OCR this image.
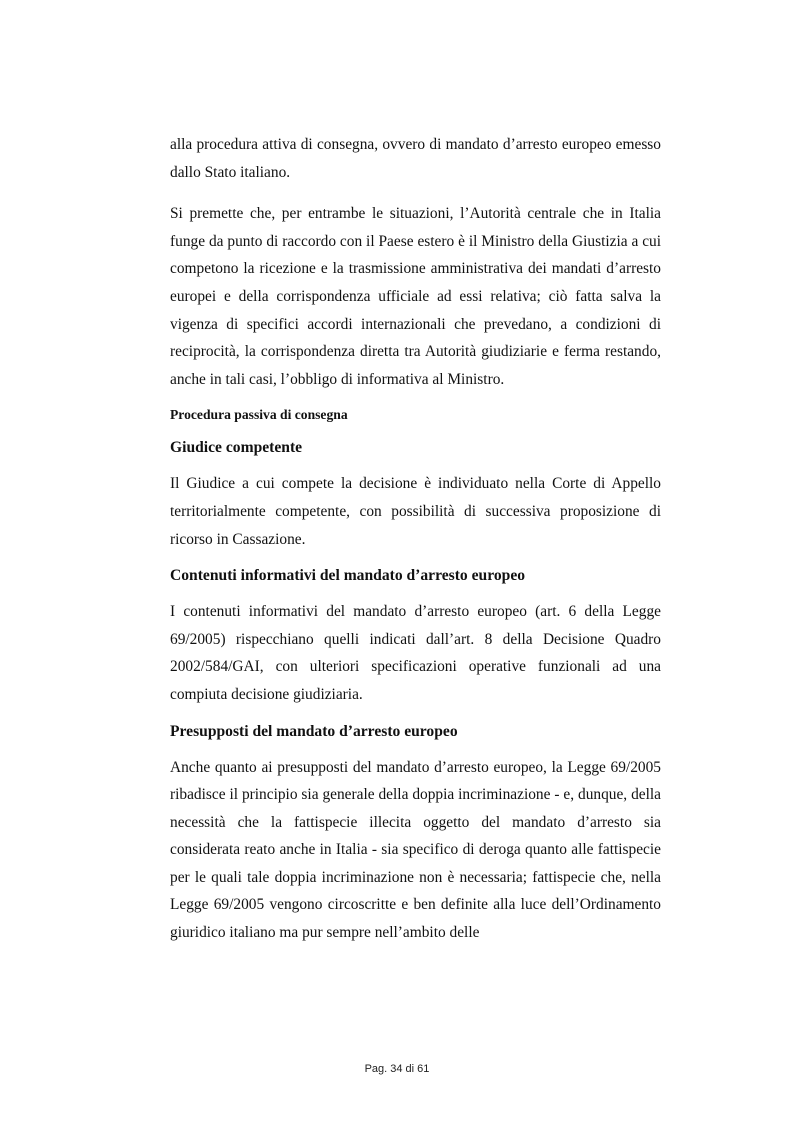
alla procedura attiva di consegna, ovvero di mandato d’arresto europeo emesso dallo Stato italiano.

Si premette che, per entrambe le situazioni, l’Autorità centrale che in Italia funge da punto di raccordo con il Paese estero è il Ministro della Giustizia a cui competono la ricezione e la trasmissione amministrativa dei mandati d’arresto europei e della corrispondenza ufficiale ad essi relativa; ciò fatta salva la vigenza di specifici accordi internazionali che prevedano, a condizioni di reciprocità, la corrispondenza diretta tra Autorità giudiziarie e ferma restando, anche in tali casi, l’obbligo di informativa al Ministro.

Procedura passiva di consegna

Giudice competente

Il Giudice a cui compete la decisione è individuato nella Corte di Appello territorialmente competente, con possibilità di successiva proposizione di ricorso in Cassazione.

Contenuti informativi del mandato d’arresto europeo

I contenuti informativi del mandato d’arresto europeo (art. 6 della Legge 69/2005) rispecchiano quelli indicati dall’art. 8 della Decisione Quadro 2002/584/GAI, con ulteriori specificazioni operative funzionali ad una compiuta decisione giudiziaria.

Presupposti del mandato d’arresto europeo

Anche quanto ai presupposti del mandato d’arresto europeo, la Legge 69/2005 ribadisce il principio sia generale della doppia incriminazione - e, dunque, della necessità che la fattispecie illecita oggetto del mandato d’arresto sia considerata reato anche in Italia - sia specifico di deroga quanto alle fattispecie per le quali tale doppia incriminazione non è necessaria; fattispecie che, nella Legge 69/2005 vengono circoscritte e ben definite alla luce dell’Ordinamento giuridico italiano ma pur sempre nell’ambito delle

Pag. 34 di 61
